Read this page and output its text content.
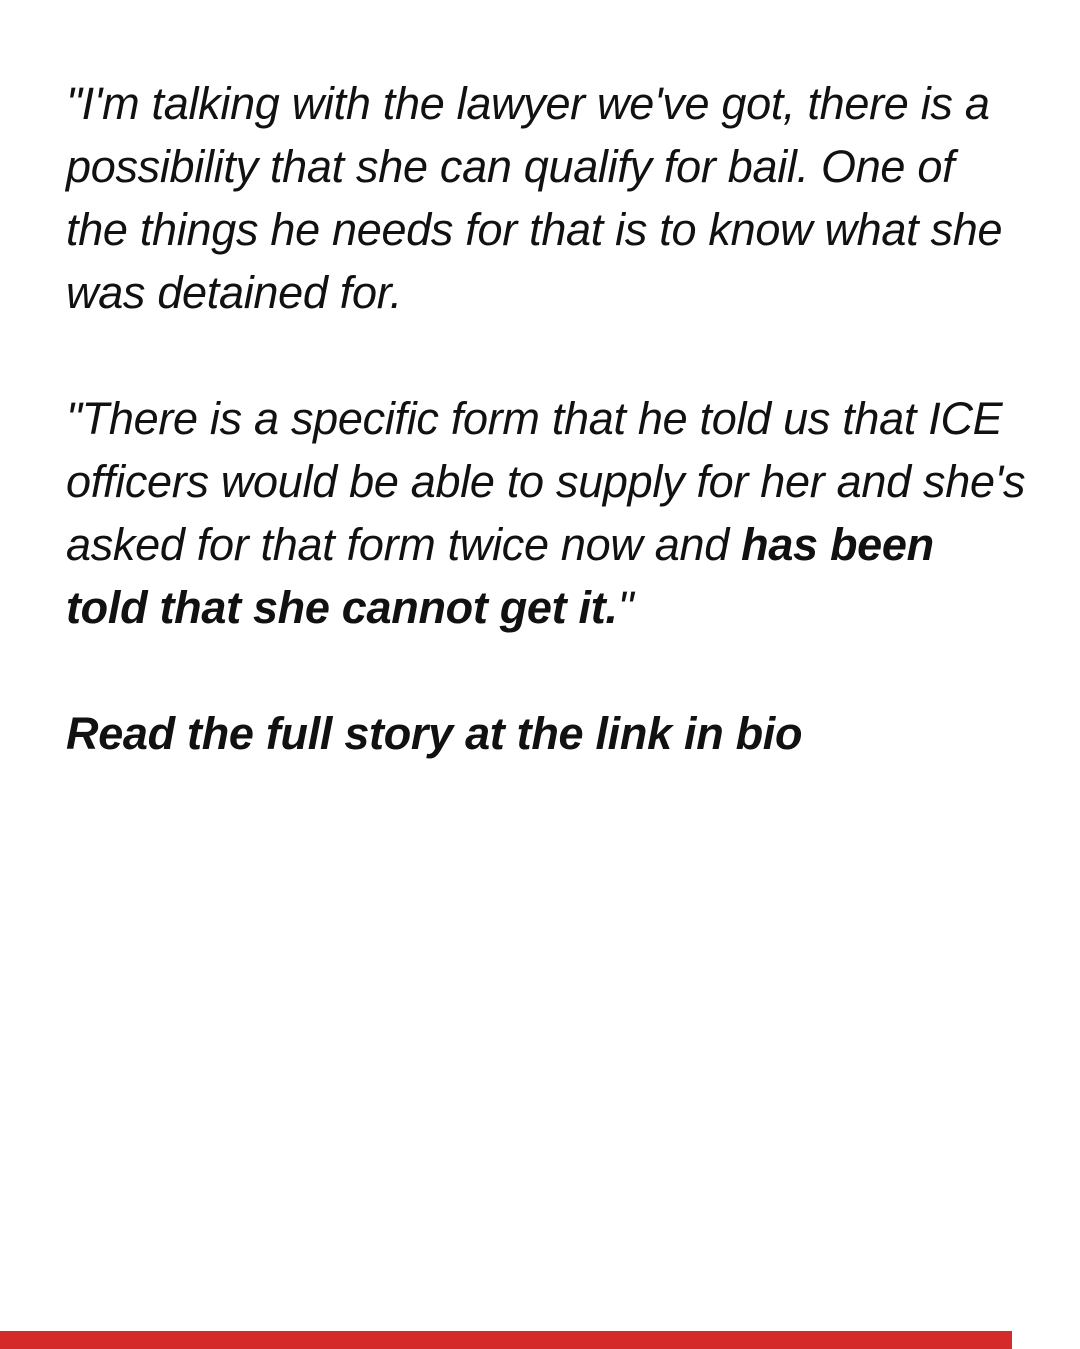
"I'm talking with the lawyer we've got, there is a possibility that she can qualify for bail. One of the things he needs for that is to know what she was detained for.

"There is a specific form that he told us that ICE officers would be able to supply for her and she's asked for that form twice now and has been told that she cannot get it."

Read the full story at the link in bio
